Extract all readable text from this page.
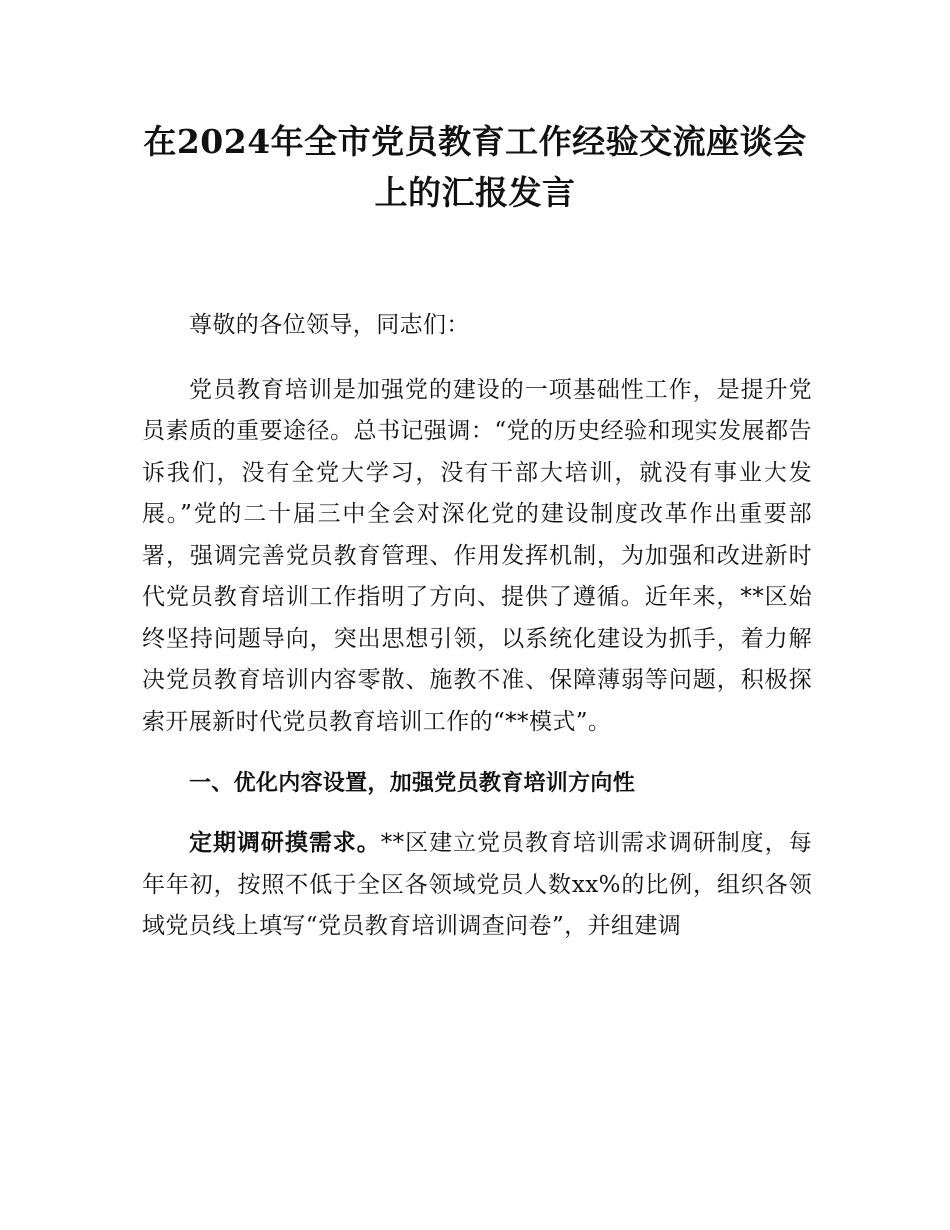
在2024年全市党员教育工作经验交流座谈会
上的汇报发言

尊敬的各位领导，同志们：

党员教育培训是加强党的建设的一项基础性工作，是提升党员素质的重要途径。总书记强调：“党的历史经验和现实发展都告诉我们，没有全党大学习，没有干部大培训，就没有事业大发展。”党的二十届三中全会对深化党的建设制度改革作出重要部署，强调完善党员教育管理、作用发挥机制，为加强和改进新时代党员教育培训工作指明了方向、提供了遵循。近年来，**区始终坚持问题导向，突出思想引领，以系统化建设为抓手，着力解决党员教育培训内容零散、施教不准、保障薄弱等问题，积极探索开展新时代党员教育培训工作的“**模式”。

一、优化内容设置，加强党员教育培训方向性

定期调研摸需求。**区建立党员教育培训需求调研制度，每年年初，按照不低于全区各领域党员人数xx%的比例，组织各领域党员线上填写“党员教育培训调查问卷”，并组建调
